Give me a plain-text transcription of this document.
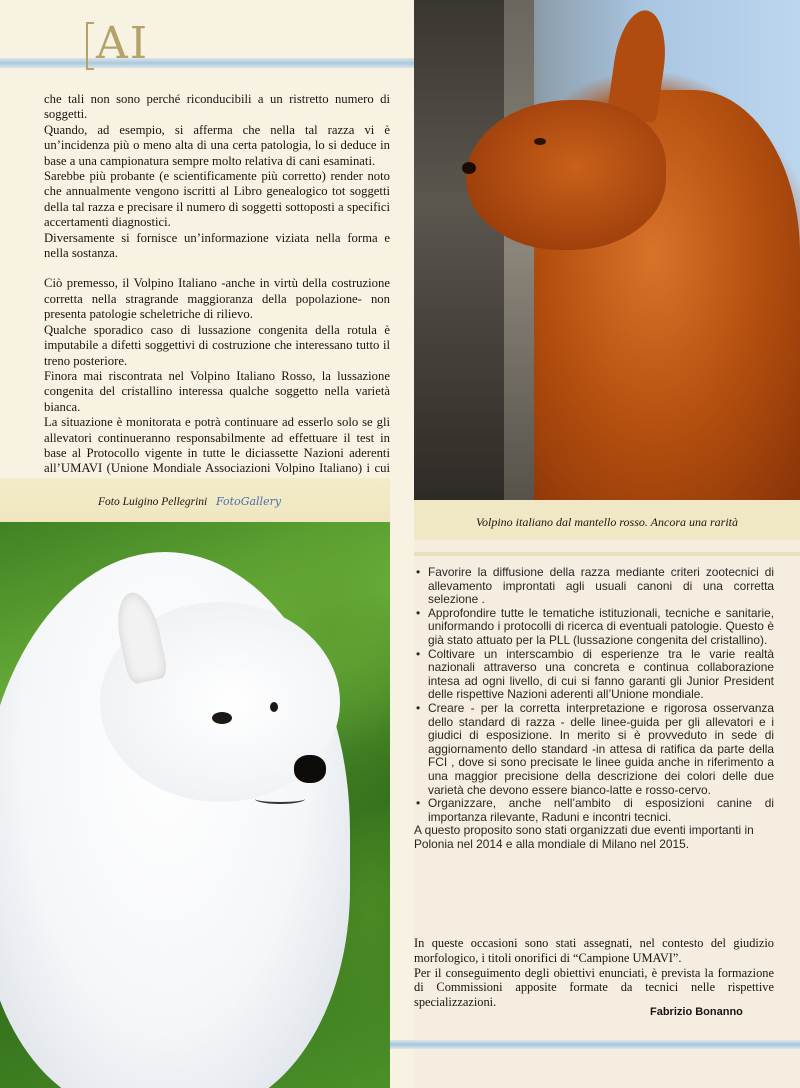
AI

che tali non sono perché riconducibili a un ristretto numero di soggetti.

Quando, ad esempio, si afferma che nella tal razza vi è un’incidenza più o meno alta di una certa patologia, lo si deduce in base a una campionatura sempre molto relativa di cani esaminati.

Sarebbe più probante (e scientificamente più corretto) render noto che annualmente vengono iscritti al Libro genealogico tot soggetti della tal razza e precisare il numero di soggetti sottoposti a specifici accertamenti diagnostici.

Diversamente si fornisce un’informazione viziata nella forma e nella sostanza.

Ciò premesso, il Volpino Italiano -anche in virtù della costruzione corretta nella stragrande maggioranza della popolazione- non presenta patologie scheletriche di rilievo.

Qualche sporadico caso di lussazione congenita della rotula è imputabile a difetti soggettivi di costruzione che interessano tutto il treno posteriore.

Finora mai riscontrata nel Volpino Italiano Rosso, la lussazione congenita del cristallino interessa qualche soggetto nella varietà bianca.

La situazione è monitorata e potrà continuare ad esserlo solo se gli allevatori continueranno responsabilmente ad effettuare il test in base al Protocollo vigente in tutte le diciassette Nazioni aderenti all’UMAVI (Unione Mondiale Associazioni Volpino Italiano) i cui

Volpino italiano dal mantello rosso. Ancora una rarità
Foto Luigino Pellegrini FotoGallery
• Favorire la diffusione della razza mediante criteri zootecnici di allevamento improntati agli usuali canoni di una corretta selezione .
• Approfondire tutte le tematiche istituzionali, tecniche e sanitarie, uniformando i protocolli di ricerca di eventuali patologie. Questo è già stato attuato per la PLL (lussazione congenita del cristallino).
• Coltivare un interscambio di esperienze tra le varie realtà nazionali attraverso una concreta e continua collaborazione intesa ad ogni livello, di cui si fanno garanti gli Junior President delle rispettive Nazioni aderenti all’Unione mondiale.
• Creare - per la corretta interpretazione e rigorosa osservanza dello standard di razza - delle linee-guida per gli allevatori e i giudici di esposizione. In merito si è provveduto in sede di aggiornamento dello standard -in attesa di ratifica da parte della FCI , dove si sono precisate le linee guida anche in riferimento a una maggior precisione della descrizione dei colori delle due varietà che devono essere bianco-latte e rosso-cervo.
• Organizzare, anche nell’ambito di esposizioni canine di importanza rilevante, Raduni e incontri tecnici.
A questo proposito sono stati organizzati due eventi importanti in Polonia nel 2014 e alla mondiale di Milano nel 2015.

In queste occasioni sono stati assegnati, nel contesto del giudizio morfologico, i titoli onorifici di “Campione UMAVI”.

Per il conseguimento degli obiettivi enunciati, è prevista la formazione di Commissioni apposite formate da tecnici nelle rispettive specializzazioni.

Fabrizio Bonanno
